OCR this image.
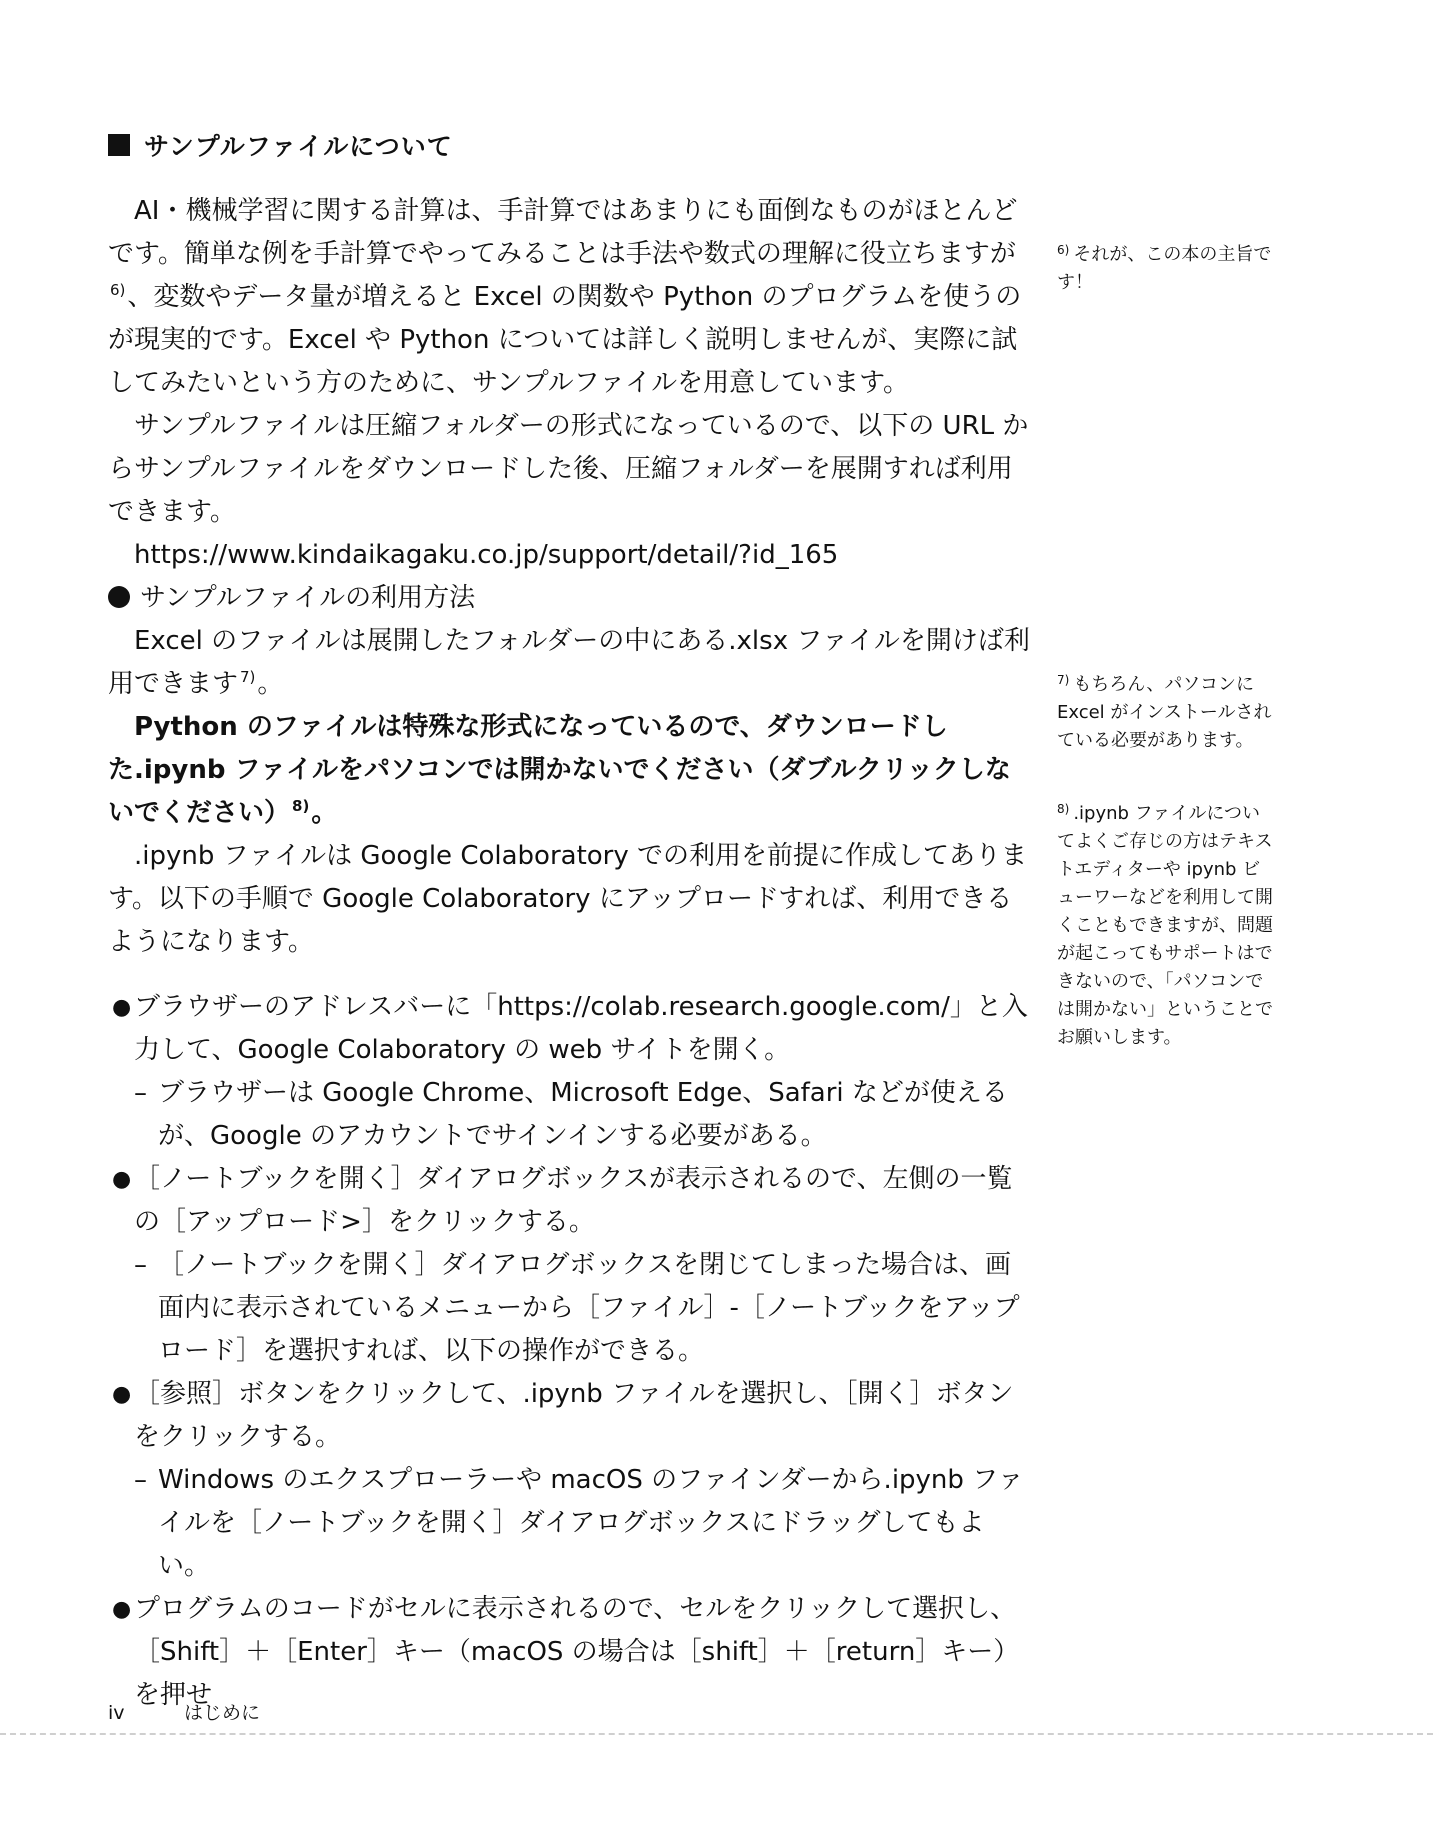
サンプルファイルについて

AI・機械学習に関する計算は、手計算ではあまりにも面倒なものがほとんどです。簡単な例を手計算でやってみることは手法や数式の理解に役立ちますが$^{6)}$、変数やデータ量が増えると Excel の関数や Python のプログラムを使うのが現実的です。Excel や Python については詳しく説明しませんが、実際に試してみたいという方のために、サンプルファイルを用意しています。

サンプルファイルは圧縮フォルダーの形式になっているので、以下の URL からサンプルファイルをダウンロードした後、圧縮フォルダーを展開すれば利用できます。

https://www.kindaikagaku.co.jp/support/detail/?id_165

サンプルファイルの利用方法

Excel のファイルは展開したフォルダーの中にある.xlsx ファイルを開けば利用できます $^{7)}$。

Python のファイルは特殊な形式になっているので、ダウンロードした.ipynb ファイルをパソコンでは開かないでください（ダブルクリックしないでください） $^{8)}$。

.ipynb ファイルは Google Colaboratory での利用を前提に作成してあります。以下の手順で Google Colaboratory にアップロードすれば、利用できるようになります。

● ブラウザーのアドレスバーに「https://colab.research.google.com/」と入力して、Google Colaboratory の web サイトを開く。
– ブラウザーは Google Chrome、Microsoft Edge、Safari などが使えるが、Google のアカウントでサインインする必要がある。
● ［ノートブックを開く］ダイアログボックスが表示されるので、左側の一覧の［アップロード>］をクリックする。
– ［ノートブックを開く］ダイアログボックスを閉じてしまった場合は、画面内に表示されているメニューから［ファイル］-［ノートブックをアップロード］を選択すれば、以下の操作ができる。
● ［参照］ボタンをクリックして、.ipynb ファイルを選択し、［開く］ボタンをクリックする。
– Windows のエクスプローラーや macOS のファインダーから.ipynb ファイルを［ノートブックを開く］ダイアログボックスにドラッグしてもよい。
● プログラムのコードがセルに表示されるので、セルをクリックして選択し、［Shift］＋［Enter］キー（macOS の場合は［shift］＋［return］キー）を押せ
$^{6)}$ それが、この本の主旨です！
$^{7)}$ もちろん、パソコンに Excel がインストールされている必要があります。
$^{8)}$ .ipynb ファイルについてよくご存じの方はテキストエディターや ipynb ビューワーなどを利用して開くこともできますが、問題が起こってもサポートはできないので、「パソコンでは開かない」ということでお願いします。
iv	はじめに
